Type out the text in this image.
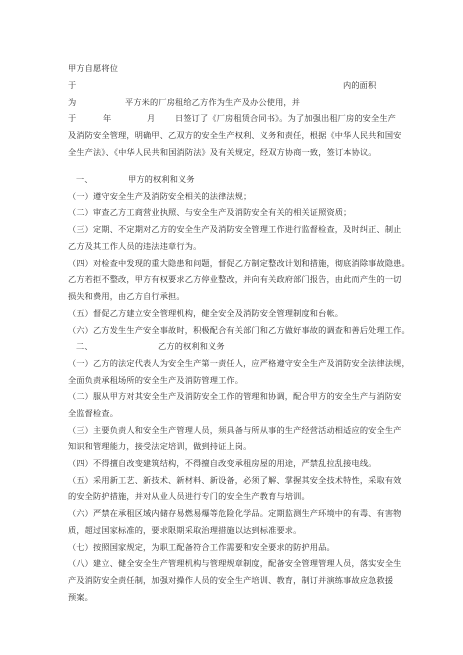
甲方自愿将位
于	内的面积
为	平方米的厂房租给乙方作为生产及办公使用，并
于	年	月 日签订了《厂房租赁合同书》。为了加强出租厂房的安全生产
及消防安全管理，明确甲、乙双方的安全生产权利、义务和责任，根据《中华人民共和国安
全生产法》、《中华人民共和国消防法》及有关规定，经双方协商一致，签订本协议。
一、	甲方的权利和义务
（一）遵守安全生产及消防安全相关的法律法规；
（二）审查乙方工商营业执照、与安全生产及消防安全有关的相关证照资质；
（三）定期、不定期对乙方的安全生产及消防安全管理工作进行监督检查，及时纠正、制止
乙方及其工作人员的违法违章行为。
（四）对检查中发现的重大隐患和问题，督促乙方制定整改计划和措施，彻底消除事故隐患。
乙方若拒不整改，甲方有权要求乙方停业整改，并向有关政府部门报告，由此而产生的一切
损失和费用，由乙方自行承担。
（五）督促乙方建立安全管理机构，健全安全及消防安全管理制度和台帐。
（六）乙方发生生产安全事故时，积极配合有关部门和乙方做好事故的调查和善后处理工作。
二、	乙方的权利和义务
（一）乙方的法定代表人为安全生产第一责任人，应严格遵守安全生产及消防安全法律法规，
全面负责承租场所的安全生产及消防管理工作。
（二）服从甲方对其安全生产及消防安全工作的管理和协调，配合甲方的安全生产与消防安
全监督检查。
（三）主要负责人和安全生产管理人员，须具备与所从事的生产经营活动相适应的安全生产
知识和管理能力，接受法定培训，做到持证上岗。
（四）不得擅自改变建筑结构，不得擅自改变承租房屋的用途，严禁乱拉乱接电线。
（五）采用新工艺、新技术、新材料、新设备，必须了解、掌握其安全技术特性，采取有效
的安全防护措施，并对从业人员进行专门的安全生产教育与培训。
（六）严禁在承租区域内储存易燃易爆等危险化学品。定期监测生产环境中的有毒、有害物
质，超过国家标准的，要求限期采取治理措施以达到标准要求。
（七）按照国家规定，为职工配备符合工作需要和安全要求的防护用品。
（八）建立、健全安全生产管理机构与管理规章制度，配备安全管理管理人员，落实安全生
产及消防安全责任制，加强对操作人员的安全生产培训、教育，制订并演练事故应急救援
预案。
